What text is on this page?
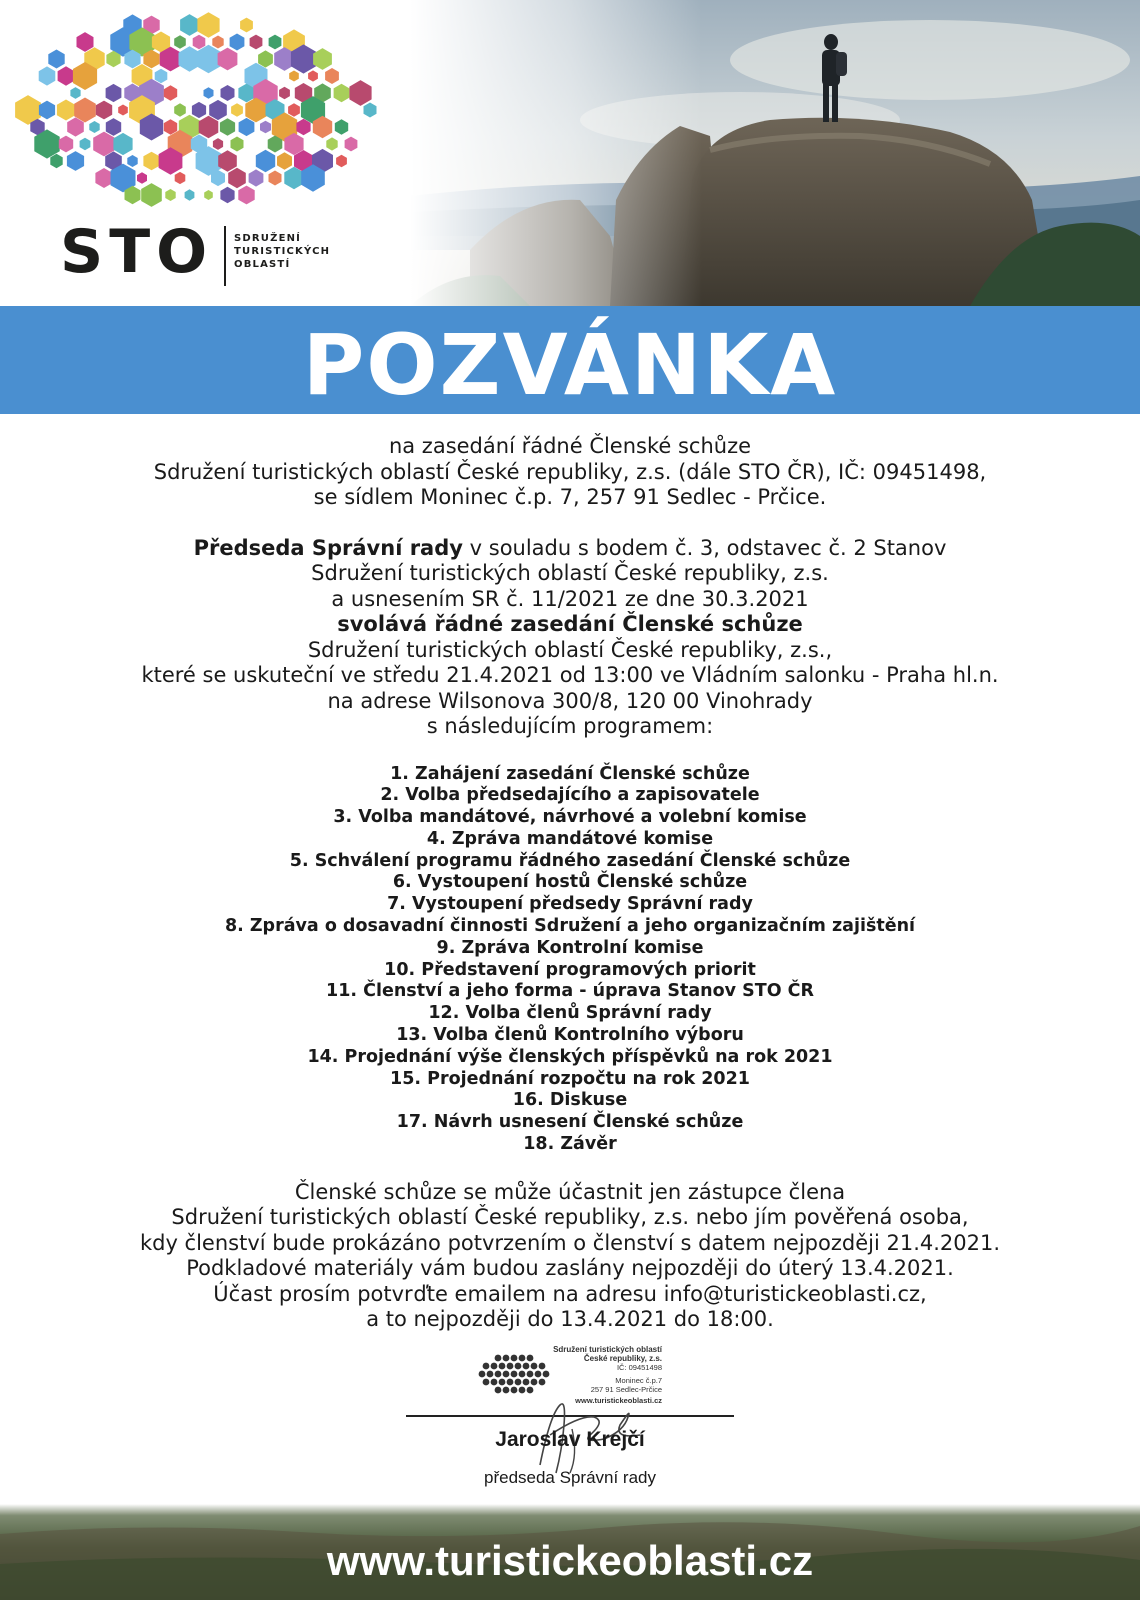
STO SDRUŽENÍ
TURISTICKÝCH
OBLASTÍ
POZVÁNKA

na zasedání řádné Členské schůze

Sdružení turistických oblastí České republiky, z.s. (dále STO ČR), IČ: 09451498,

se sídlem Moninec č.p. 7, 257 91 Sedlec - Prčice.

Předseda Správní rady v souladu s bodem č. 3, odstavec č. 2 Stanov

Sdružení turistických oblastí České republiky, z.s.

a usnesením SR č. 11/2021 ze dne 30.3.2021

svolává řádné zasedání Členské schůze

Sdružení turistických oblastí České republiky, z.s.,

které se uskuteční ve středu 21.4.2021 od 13:00 ve Vládním salonku - Praha hl.n.

na adrese Wilsonova 300/8, 120 00 Vinohrady

s následujícím programem:

1. Zahájení zasedání Členské schůze
2. Volba předsedajícího a zapisovatele
3. Volba mandátové, návrhové a volební komise
4. Zpráva mandátové komise
5. Schválení programu řádného zasedání Členské schůze
6. Vystoupení hostů Členské schůze
7. Vystoupení předsedy Správní rady
8. Zpráva o dosavadní činnosti Sdružení a jeho organizačním zajištění
9. Zpráva Kontrolní komise
10. Představení programových priorit
11. Členství a jeho forma - úprava Stanov STO ČR
12. Volba členů Správní rady
13. Volba členů Kontrolního výboru
14. Projednání výše členských příspěvků na rok 2021
15. Projednání rozpočtu na rok 2021
16. Diskuse
17. Návrh usnesení Členské schůze
18. Závěr

Členské schůze se může účastnit jen zástupce člena

Sdružení turistických oblastí České republiky, z.s. nebo jím pověřená osoba,

kdy členství bude prokázáno potvrzením o členství s datem nejpozději 21.4.2021.

Podkladové materiály vám budou zaslány nejpozději do úterý 13.4.2021.

Účast prosím potvrďte emailem na adresu info@turistickeoblasti.cz,

a to nejpozději do 13.4.2021 do 18:00.

Sdružení turistických oblastí
České republiky, z.s.
IČ: 09451498
Moninec č.p.7
257 91 Sedlec-Prčice
www.turistickeoblasti.cz
Jaroslav Krejčí
předseda Správní rady
www.turistickeoblasti.cz
